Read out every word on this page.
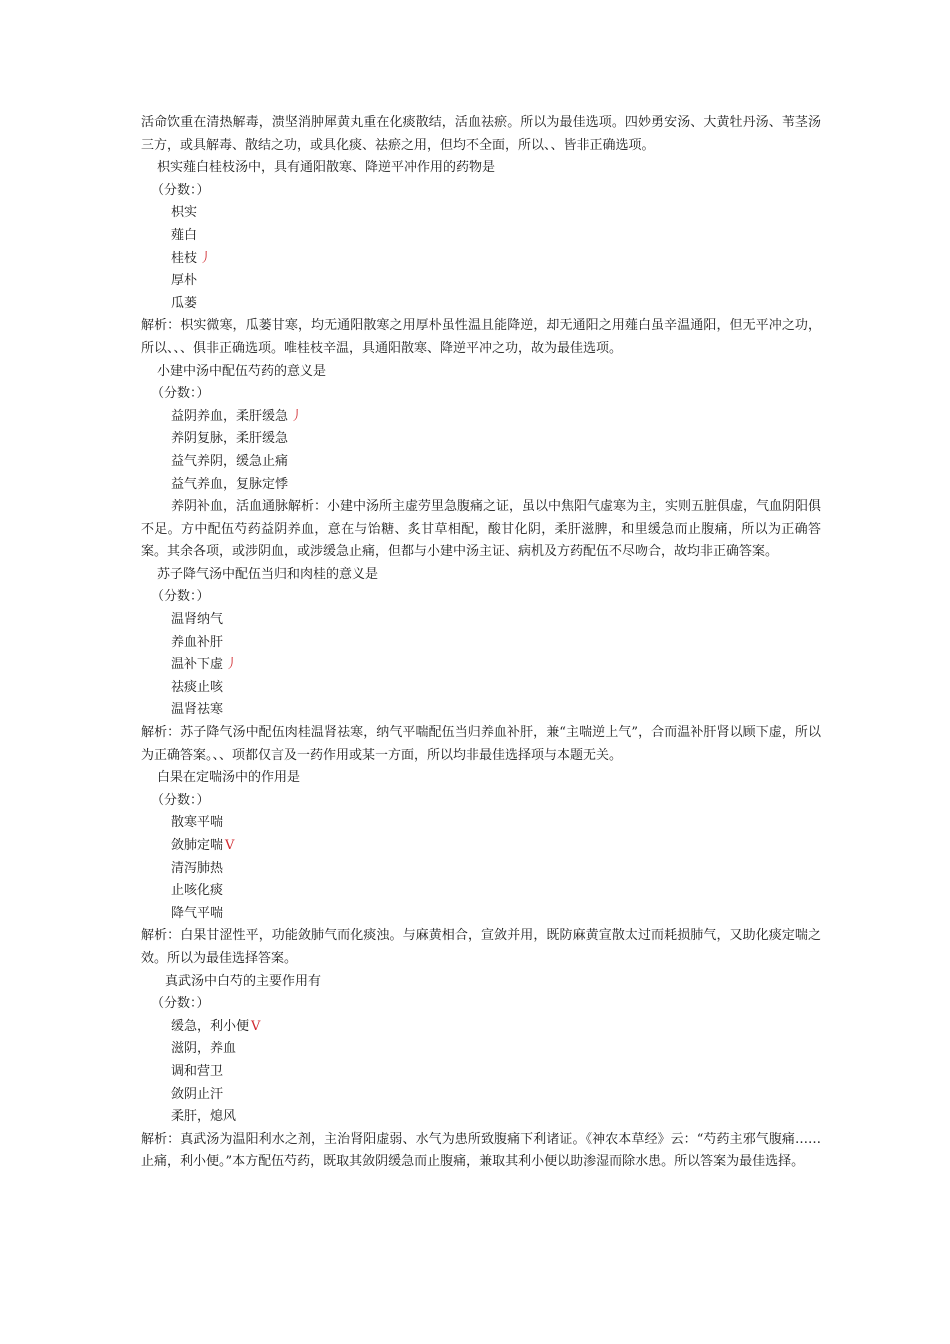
活命饮重在清热解毒，溃坚消肿犀黄丸重在化痰散结，活血祛瘀。所以为最佳选项。四妙勇安汤、大黄牡丹汤、苇茎汤三方，或具解毒、散结之功，或具化痰、祛瘀之用，但均不全面，所以、、皆非正确选项。

枳实薤白桂枝汤中，具有通阳散寒、降逆平冲作用的药物是

（分数：）

枳实

薤白

桂枝 丿

厚朴

瓜蒌

解析：枳实微寒，瓜蒌甘寒，均无通阳散寒之用厚朴虽性温且能降逆，却无通阳之用薤白虽辛温通阳，但无平冲之功，所以、、、俱非正确选项。唯桂枝辛温，具通阳散寒、降逆平冲之功，故为最佳选项。

小建中汤中配伍芍药的意义是

（分数：）

益阴养血，柔肝缓急 丿

养阴复脉，柔肝缓急

益气养阴，缓急止痛

益气养血，复脉定悸

养阴补血，活血通脉解析：小建中汤所主虚劳里急腹痛之证，虽以中焦阳气虚寒为主，实则五脏俱虚，气血阴阳俱不足。方中配伍芍药益阴养血，意在与饴糖、炙甘草相配，酸甘化阴，柔肝滋脾，和里缓急而止腹痛，所以为正确答案。其余各项，或涉阴血，或涉缓急止痛，但都与小建中汤主证、病机及方药配伍不尽吻合，故均非正确答案。

苏子降气汤中配伍当归和肉桂的意义是

（分数：）

温肾纳气

养血补肝

温补下虚 丿

祛痰止咳

温肾祛寒

解析：苏子降气汤中配伍肉桂温肾祛寒，纳气平喘配伍当归养血补肝，兼“主喘逆上气”，合而温补肝肾以顾下虚，所以为正确答案。、、项都仅言及一药作用或某一方面，所以均非最佳选择项与本题无关。

白果在定喘汤中的作用是

（分数：）

散寒平喘

敛肺定喘 V

清泻肺热

止咳化痰

降气平喘

解析：白果甘涩性平，功能敛肺气而化痰浊。与麻黄相合，宣敛并用，既防麻黄宣散太过而耗损肺气，又助化痰定喘之效。所以为最佳选择答案。

真武汤中白芍的主要作用有

（分数：）

缓急，利小便 V

滋阴，养血

调和营卫

敛阴止汗

柔肝，熄风

解析：真武汤为温阳利水之剂，主治肾阳虚弱、水气为患所致腹痛下利诸证。《神农本草经》云：“芍药主邪气腹痛……止痛，利小便。”本方配伍芍药，既取其敛阴缓急而止腹痛，兼取其利小便以助渗湿而除水患。所以答案为最佳选择。
